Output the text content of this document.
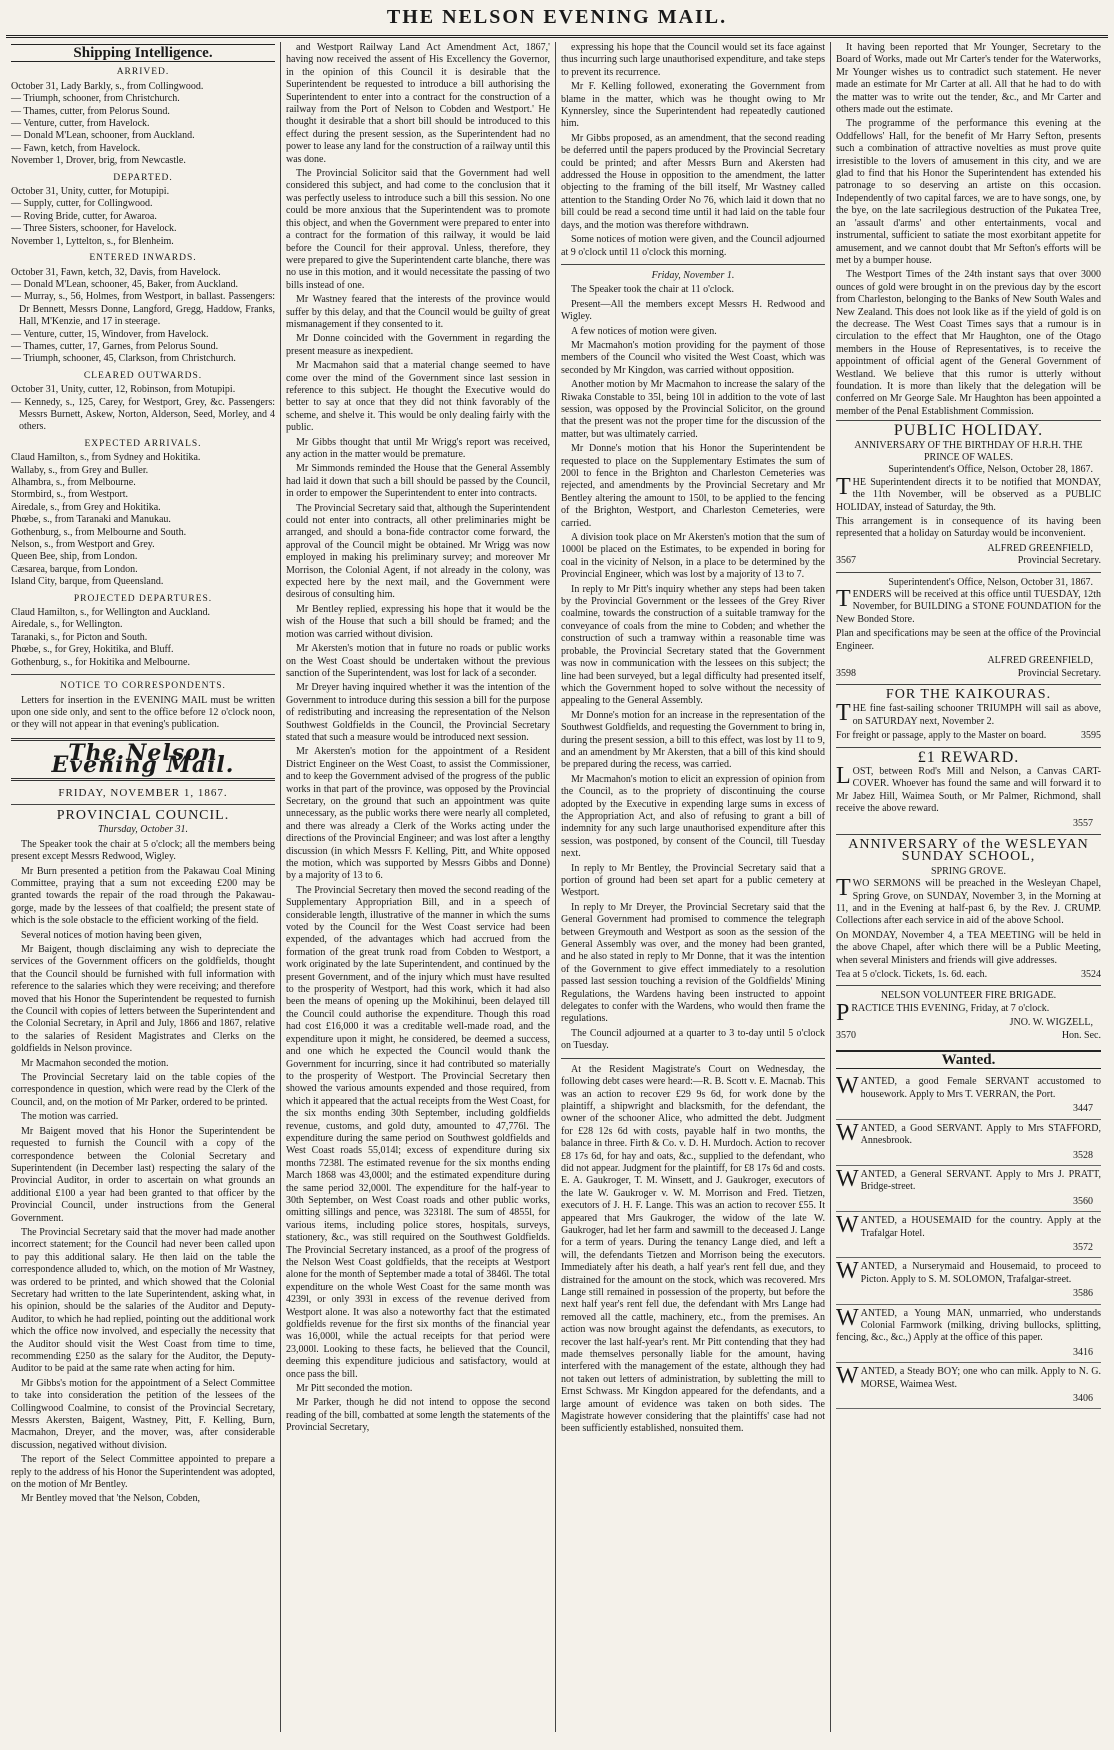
THE NELSON EVENING MAIL.
Shipping Intelligence.
ARRIVED.
October 31, Lady Barkly, s., from Collingwood.
— Triumph, schooner, from Christchurch.
— Thames, cutter, from Pelorus Sound.
— Venture, cutter, from Havelock.
— Donald M'Lean, schooner, from Auckland.
— Fawn, ketch, from Havelock.
November 1, Drover, brig, from Newcastle.
DEPARTED.
October 31, Unity, cutter, for Motupipi.
— Supply, cutter, for Collingwood.
— Roving Bride, cutter, for Awaroa.
— Three Sisters, schooner, for Havelock.
November 1, Lyttelton, s., for Blenheim.
ENTERED INWARDS.
October 31, Fawn, ketch, 32, Davis, from Havelock.
— Donald M'Lean, schooner, 45, Baker, from Auckland.
— Murray, s., 56, Holmes, from Westport, in ballast. Passengers: Dr Bennett, Messrs Donne, Langford, Gregg, Haddow, Franks, Hall, M'Kenzie, and 17 in steerage.
— Venture, cutter, 15, Windover, from Havelock.
— Thames, cutter, 17, Garnes, from Pelorus Sound.
— Triumph, schooner, 45, Clarkson, from Christchurch.
CLEARED OUTWARDS.
October 31, Unity, cutter, 12, Robinson, from Motupipi.
— Kennedy, s., 125, Carey, for Westport, Grey, &c. Passengers: Messrs Burnett, Askew, Norton, Alderson, Seed, Morley, and 4 others.
EXPECTED ARRIVALS.
Claud Hamilton, s., from Sydney and Hokitika.
Wallaby, s., from Grey and Buller.
Alhambra, s., from Melbourne.
Stormbird, s., from Westport.
Airedale, s., from Grey and Hokitika.
Phœbe, s., from Taranaki and Manukau.
Gothenburg, s., from Melbourne and South.
Nelson, s., from Westport and Grey.
Queen Bee, ship, from London.
Cæsarea, barque, from London.
Island City, barque, from Queensland.
PROJECTED DEPARTURES.
Claud Hamilton, s., for Wellington and Auckland.
Airedale, s., for Wellington.
Taranaki, s., for Picton and South.
Phœbe, s., for Grey, Hokitika, and Bluff.
Gothenburg, s., for Hokitika and Melbourne.
NOTICE TO CORRESPONDENTS.

Letters for insertion in the EVENING MAIL must be written upon one side only, and sent to the office before 12 o'clock noon, or they will not appear in that evening's publication.

The Nelson Evening Mail.
FRIDAY, NOVEMBER 1, 1867.
PROVINCIAL COUNCIL.
Thursday, October 31.

The Speaker took the chair at 5 o'clock; all the members being present except Messrs Redwood, Wigley.

Mr Burn presented a petition from the Pakawau Coal Mining Committee, praying that a sum not exceeding £200 may be granted towards the repair of the road through the Pakawau-gorge, made by the lessees of that coalfield; the present state of which is the sole obstacle to the efficient working of the field.

Several notices of motion having been given,

Mr Baigent, though disclaiming any wish to depreciate the services of the Government officers on the goldfields, thought that the Council should be furnished with full information with reference to the salaries which they were receiving; and therefore moved that his Honor the Superintendent be requested to furnish the Council with copies of letters between the Superintendent and the Colonial Secretary, in April and July, 1866 and 1867, relative to the salaries of Resident Magistrates and Clerks on the goldfields in Nelson province.

Mr Macmahon seconded the motion.

The Provincial Secretary laid on the table copies of the correspondence in question, which were read by the Clerk of the Council, and, on the motion of Mr Parker, ordered to be printed.

The motion was carried.

Mr Baigent moved that his Honor the Superintendent be requested to furnish the Council with a copy of the correspondence between the Colonial Secretary and Superintendent (in December last) respecting the salary of the Provincial Auditor, in order to ascertain on what grounds an additional £100 a year had been granted to that officer by the Provincial Council, under instructions from the General Government.

The Provincial Secretary said that the mover had made another incorrect statement; for the Council had never been called upon to pay this additional salary. He then laid on the table the correspondence alluded to, which, on the motion of Mr Wastney, was ordered to be printed, and which showed that the Colonial Secretary had written to the late Superintendent, asking what, in his opinion, should be the salaries of the Auditor and Deputy-Auditor, to which he had replied, pointing out the additional work which the office now involved, and especially the necessity that the Auditor should visit the West Coast from time to time, recommending £250 as the salary for the Auditor, the Deputy-Auditor to be paid at the same rate when acting for him.

Mr Gibbs's motion for the appointment of a Select Committee to take into consideration the petition of the lessees of the Collingwood Coalmine, to consist of the Provincial Secretary, Messrs Akersten, Baigent, Wastney, Pitt, F. Kelling, Burn, Macmahon, Dreyer, and the mover, was, after considerable discussion, negatived without division.

The report of the Select Committee appointed to prepare a reply to the address of his Honor the Superintendent was adopted, on the motion of Mr Bentley.

Mr Bentley moved that 'the Nelson, Cobden,

and Westport Railway Land Act Amendment Act, 1867,' having now received the assent of His Excellency the Governor, in the opinion of this Council it is desirable that the Superintendent be requested to introduce a bill authorising the Superintendent to enter into a contract for the construction of a railway from the Port of Nelson to Cobden and Westport.' He thought it desirable that a short bill should be introduced to this effect during the present session, as the Superintendent had no power to lease any land for the construction of a railway until this was done.

The Provincial Solicitor said that the Government had well considered this subject, and had come to the conclusion that it was perfectly useless to introduce such a bill this session. No one could be more anxious that the Superintendent was to promote this object, and when the Government were prepared to enter into a contract for the formation of this railway, it would be laid before the Council for their approval. Unless, therefore, they were prepared to give the Superintendent carte blanche, there was no use in this motion, and it would necessitate the passing of two bills instead of one.

Mr Wastney feared that the interests of the province would suffer by this delay, and that the Council would be guilty of great mismanagement if they consented to it.

Mr Donne coincided with the Government in regarding the present measure as inexpedient.

Mr Macmahon said that a material change seemed to have come over the mind of the Government since last session in reference to this subject. He thought the Executive would do better to say at once that they did not think favorably of the scheme, and shelve it. This would be only dealing fairly with the public.

Mr Gibbs thought that until Mr Wrigg's report was received, any action in the matter would be premature.

Mr Simmonds reminded the House that the General Assembly had laid it down that such a bill should be passed by the Council, in order to empower the Superintendent to enter into contracts.

The Provincial Secretary said that, although the Superintendent could not enter into contracts, all other preliminaries might be arranged, and should a bona-fide contractor come forward, the approval of the Council might be obtained. Mr Wrigg was now employed in making his preliminary survey; and moreover Mr Morrison, the Colonial Agent, if not already in the colony, was expected here by the next mail, and the Government were desirous of consulting him.

Mr Bentley replied, expressing his hope that it would be the wish of the House that such a bill should be framed; and the motion was carried without division.

Mr Akersten's motion that in future no roads or public works on the West Coast should be undertaken without the previous sanction of the Superintendent, was lost for lack of a seconder.

Mr Dreyer having inquired whether it was the intention of the Government to introduce during this session a bill for the purpose of redistributing and increasing the representation of the Nelson Southwest Goldfields in the Council, the Provincial Secretary stated that such a measure would be introduced next session.

Mr Akersten's motion for the appointment of a Resident District Engineer on the West Coast, to assist the Commissioner, and to keep the Government advised of the progress of the public works in that part of the province, was opposed by the Provincial Secretary, on the ground that such an appointment was quite unnecessary, as the public works there were nearly all completed, and there was already a Clerk of the Works acting under the directions of the Provincial Engineer; and was lost after a lengthy discussion (in which Messrs F. Kelling, Pitt, and White opposed the motion, which was supported by Messrs Gibbs and Donne) by a majority of 13 to 6.

The Provincial Secretary then moved the second reading of the Supplementary Appropriation Bill, and in a speech of considerable length, illustrative of the manner in which the sums voted by the Council for the West Coast service had been expended, of the advantages which had accrued from the formation of the great trunk road from Cobden to Westport, a work originated by the late Superintendent, and continued by the present Government, and of the injury which must have resulted to the prosperity of Westport, had this work, which it had also been the means of opening up the Mokihinui, been delayed till the Council could authorise the expenditure. Though this road had cost £16,000 it was a creditable well-made road, and the expenditure upon it might, he considered, be deemed a success, and one which he expected the Council would thank the Government for incurring, since it had contributed so materially to the prosperity of Westport. The Provincial Secretary then showed the various amounts expended and those required, from which it appeared that the actual receipts from the West Coast, for the six months ending 30th September, including goldfields revenue, customs, and gold duty, amounted to 47,776l. The expenditure during the same period on Southwest goldfields and West Coast roads 55,014l; excess of expenditure during six months 7238l. The estimated revenue for the six months ending March 1868 was 43,000l; and the estimated expenditure during the same period 32,000l. The expenditure for the half-year to 30th September, on West Coast roads and other public works, omitting sillings and pence, was 32318l. The sum of 4855l, for various items, including police stores, hospitals, surveys, stationery, &c., was still required on the Southwest Goldfields. The Provincial Secretary instanced, as a proof of the progress of the Nelson West Coast goldfields, that the receipts at Westport alone for the month of September made a total of 3846l. The total expenditure on the whole West Coast for the same month was 4239l, or only 393l in excess of the revenue derived from Westport alone. It was also a noteworthy fact that the estimated goldfields revenue for the first six months of the financial year was 16,000l, while the actual receipts for that period were 23,000l. Looking to these facts, he believed that the Council, deeming this expenditure judicious and satisfactory, would at once pass the bill.

Mr Pitt seconded the motion.

Mr Parker, though he did not intend to oppose the second reading of the bill, combatted at some length the statements of the Provincial Secretary,

expressing his hope that the Council would set its face against thus incurring such large unauthorised expenditure, and take steps to prevent its recurrence.

Mr F. Kelling followed, exonerating the Government from blame in the matter, which was he thought owing to Mr Kynnersley, since the Superintendent had repeatedly cautioned him.

Mr Gibbs proposed, as an amendment, that the second reading be deferred until the papers produced by the Provincial Secretary could be printed; and after Messrs Burn and Akersten had addressed the House in opposition to the amendment, the latter objecting to the framing of the bill itself, Mr Wastney called attention to the Standing Order No 76, which laid it down that no bill could be read a second time until it had laid on the table four days, and the motion was therefore withdrawn.

Some notices of motion were given, and the Council adjourned at 9 o'clock until 11 o'clock this morning.

Friday, November 1.

The Speaker took the chair at 11 o'clock.

Present—All the members except Messrs H. Redwood and Wigley.

A few notices of motion were given.

Mr Macmahon's motion providing for the payment of those members of the Council who visited the West Coast, which was seconded by Mr Kingdon, was carried without opposition.

Another motion by Mr Macmahon to increase the salary of the Riwaka Constable to 35l, being 10l in addition to the vote of last session, was opposed by the Provincial Solicitor, on the ground that the present was not the proper time for the discussion of the matter, but was ultimately carried.

Mr Donne's motion that his Honor the Superintendent be requested to place on the Supplementary Estimates the sum of 200l to fence in the Brighton and Charleston Cemeteries was rejected, and amendments by the Provincial Secretary and Mr Bentley altering the amount to 150l, to be applied to the fencing of the Brighton, Westport, and Charleston Cemeteries, were carried.

A division took place on Mr Akersten's motion that the sum of 1000l be placed on the Estimates, to be expended in boring for coal in the vicinity of Nelson, in a place to be determined by the Provincial Engineer, which was lost by a majority of 13 to 7.

In reply to Mr Pitt's inquiry whether any steps had been taken by the Provincial Government or the lessees of the Grey River coalmine, towards the construction of a suitable tramway for the conveyance of coals from the mine to Cobden; and whether the construction of such a tramway within a reasonable time was probable, the Provincial Secretary stated that the Government was now in communication with the lessees on this subject; the line had been surveyed, but a legal difficulty had presented itself, which the Government hoped to solve without the necessity of appealing to the General Assembly.

Mr Donne's motion for an increase in the representation of the Southwest Goldfields, and requesting the Government to bring in, during the present session, a bill to this effect, was lost by 11 to 9, and an amendment by Mr Akersten, that a bill of this kind should be prepared during the recess, was carried.

Mr Macmahon's motion to elicit an expression of opinion from the Council, as to the propriety of discontinuing the course adopted by the Executive in expending large sums in excess of the Appropriation Act, and also of refusing to grant a bill of indemnity for any such large unauthorised expenditure after this session, was postponed, by consent of the Council, till Tuesday next.

In reply to Mr Bentley, the Provincial Secretary said that a portion of ground had been set apart for a public cemetery at Westport.

In reply to Mr Dreyer, the Provincial Secretary said that the General Government had promised to commence the telegraph between Greymouth and Westport as soon as the session of the General Assembly was over, and the money had been granted, and he also stated in reply to Mr Donne, that it was the intention of the Government to give effect immediately to a resolution passed last session touching a revision of the Goldfields' Mining Regulations, the Wardens having been instructed to appoint delegates to confer with the Wardens, who would then frame the regulations.

The Council adjourned at a quarter to 3 to-day until 5 o'clock on Tuesday.

At the Resident Magistrate's Court on Wednesday, the following debt cases were heard:—R. B. Scott v. E. Macnab. This was an action to recover £29 9s 6d, for work done by the plaintiff, a shipwright and blacksmith, for the defendant, the owner of the schooner Alice, who admitted the debt. Judgment for £28 12s 6d with costs, payable half in two months, the balance in three. Firth & Co. v. D. H. Murdoch. Action to recover £8 17s 6d, for hay and oats, &c., supplied to the defendant, who did not appear. Judgment for the plaintiff, for £8 17s 6d and costs. E. A. Gaukroger, T. M. Winsett, and J. Gaukroger, executors of the late W. Gaukroger v. W. M. Morrison and Fred. Tietzen, executors of J. H. F. Lange. This was an action to recover £55. It appeared that Mrs Gaukroger, the widow of the late W. Gaukroger, had let her farm and sawmill to the deceased J. Lange for a term of years. During the tenancy Lange died, and left a will, the defendants Tietzen and Morrison being the executors. Immediately after his death, a half year's rent fell due, and they distrained for the amount on the stock, which was recovered. Mrs Lange still remained in possession of the property, but before the next half year's rent fell due, the defendant with Mrs Lange had removed all the cattle, machinery, etc., from the premises. An action was now brought against the defendants, as executors, to recover the last half-year's rent. Mr Pitt contending that they had made themselves personally liable for the amount, having interfered with the management of the estate, although they had not taken out letters of administration, by subletting the mill to Ernst Schwass. Mr Kingdon appeared for the defendants, and a large amount of evidence was taken on both sides. The Magistrate however considering that the plaintiffs' case had not been sufficiently established, nonsuited them.

It having been reported that Mr Younger, Secretary to the Board of Works, made out Mr Carter's tender for the Waterworks, Mr Younger wishes us to contradict such statement. He never made an estimate for Mr Carter at all. All that he had to do with the matter was to write out the tender, &c., and Mr Carter and others made out the estimate.

The programme of the performance this evening at the Oddfellows' Hall, for the benefit of Mr Harry Sefton, presents such a combination of attractive novelties as must prove quite irresistible to the lovers of amusement in this city, and we are glad to find that his Honor the Superintendent has extended his patronage to so deserving an artiste on this occasion. Independently of two capital farces, we are to have songs, one, by the bye, on the late sacrilegious destruction of the Pukatea Tree, an 'assault d'arms' and other entertainments, vocal and instrumental, sufficient to satiate the most exorbitant appetite for amusement, and we cannot doubt that Mr Sefton's efforts will be met by a bumper house.

The Westport Times of the 24th instant says that over 3000 ounces of gold were brought in on the previous day by the escort from Charleston, belonging to the Banks of New South Wales and New Zealand. This does not look like as if the yield of gold is on the decrease. The West Coast Times says that a rumour is in circulation to the effect that Mr Haughton, one of the Otago members in the House of Representatives, is to receive the appointment of official agent of the General Government of Westland. We believe that this rumor is utterly without foundation. It is more than likely that the delegation will be conferred on Mr George Sale. Mr Haughton has been appointed a member of the Penal Establishment Commission.

PUBLIC HOLIDAY.
ANNIVERSARY OF THE BIRTHDAY OF H.R.H. THE PRINCE OF WALES.
Superintendent's Office, Nelson, October 28, 1867.

THE Superintendent directs it to be notified that MONDAY, the 11th November, will be observed as a PUBLIC HOLIDAY, instead of Saturday, the 9th.

This arrangement is in consequence of its having been represented that a holiday on Saturday would be inconvenient.

ALFRED GREENFIELD,
3567	Provincial Secretary.
Superintendent's Office, Nelson, October 31, 1867.

TENDERS will be received at this office until TUESDAY, 12th November, for BUILDING a STONE FOUNDATION for the New Bonded Store.

Plan and specifications may be seen at the office of the Provincial Engineer.

ALFRED GREENFIELD,
3598	Provincial Secretary.
FOR THE KAIKOURAS.

THE fine fast-sailing schooner TRIUMPH will sail as above, on SATURDAY next, November 2.

For freight or passage, apply to the Master on board.	3595
£1 REWARD.

LOST, between Rod's Mill and Nelson, a Canvas CART-COVER. Whoever has found the same and will forward it to Mr Jabez Hill, Waimea South, or Mr Palmer, Richmond, shall receive the above reward.

3557
ANNIVERSARY of the WESLEYAN SUNDAY SCHOOL,
SPRING GROVE.

TWO SERMONS will be preached in the Wesleyan Chapel, Spring Grove, on SUNDAY, November 3, in the Morning at 11, and in the Evening at half-past 6, by the Rev. J. CRUMP. Collections after each service in aid of the above School.

On MONDAY, November 4, a TEA MEETING will be held in the above Chapel, after which there will be a Public Meeting, when several Ministers and friends will give addresses.

Tea at 5 o'clock. Tickets, 1s. 6d. each.	3524
NELSON VOLUNTEER FIRE BRIGADE.

PRACTICE THIS EVENING, Friday, at 7 o'clock.

JNO. W. WIGZELL,
3570	Hon. Sec.
Wanted.

WANTED, a good Female SERVANT accustomed to housework. Apply to Mrs T. VERRAN, the Port.

3447

WANTED, a Good SERVANT. Apply to Mrs STAFFORD, Annesbrook.

3528

WANTED, a General SERVANT. Apply to Mrs J. PRATT, Bridge-street.

3560

WANTED, a HOUSEMAID for the country. Apply at the Trafalgar Hotel.

3572

WANTED, a Nurserymaid and Housemaid, to proceed to Picton. Apply to S. M. SOLOMON, Trafalgar-street.

3586

WANTED, a Young MAN, unmarried, who understands Colonial Farmwork (milking, driving bullocks, splitting, fencing, &c., &c.,) Apply at the office of this paper.

3416

WANTED, a Steady BOY; one who can milk. Apply to N. G. MORSE, Waimea West.

3406
